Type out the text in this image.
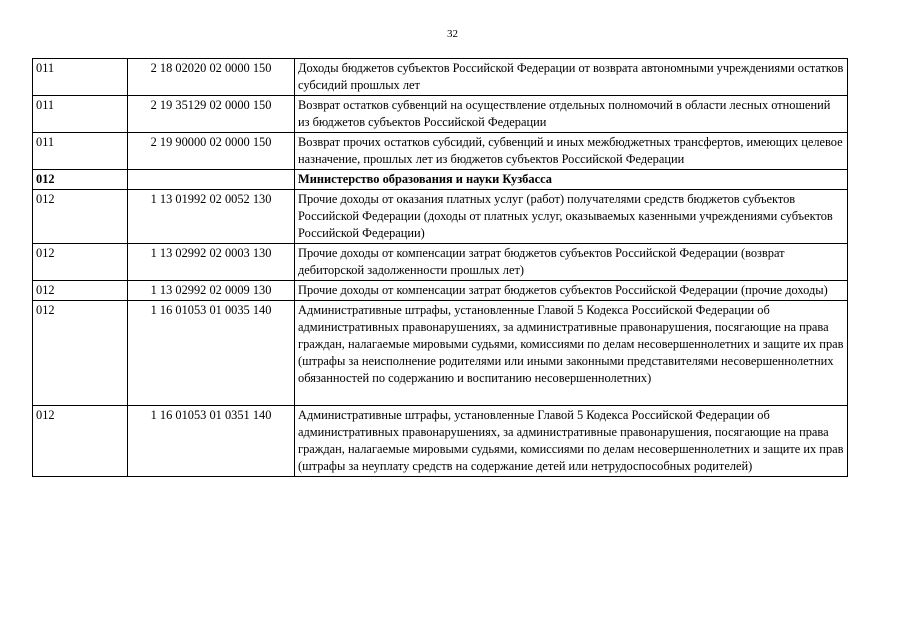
32
011	2 18 02020 02 0000 150	Доходы бюджетов субъектов Российской Федерации от возврата автономными учреждениями остатков субсидий прошлых лет
011	2 19 35129 02 0000 150	Возврат остатков субвенций на осуществление отдельных полномочий в области лесных отношений из бюджетов субъектов Российской Федерации
011	2 19 90000 02 0000 150	Возврат прочих остатков субсидий, субвенций и иных межбюджетных трансфертов, имеющих целевое назначение, прошлых лет из бюджетов субъектов Российской Федерации
012		Министерство образования и науки Кузбасса
012	1 13 01992 02 0052 130	Прочие доходы от оказания платных услуг (работ) получателями средств бюджетов субъектов Российской Федерации (доходы от платных услуг, оказываемых казенными учреждениями субъектов Российской Федерации)
012	1 13 02992 02 0003 130	Прочие доходы от компенсации затрат бюджетов субъектов Российской Федерации (возврат дебиторской задолженности прошлых лет)
012	1 13 02992 02 0009 130	Прочие доходы от компенсации затрат бюджетов субъектов Российской Федерации (прочие доходы)
012	1 16 01053 01 0035 140	Административные штрафы, установленные Главой 5 Кодекса Российской Федерации об административных правонарушениях, за административные правонарушения, посягающие на права граждан, налагаемые мировыми судьями, комиссиями по делам несовершеннолетних и защите их прав (штрафы за неисполнение родителями или иными законными представителями несовершеннолетних обязанностей по содержанию и воспитанию несовершеннолетних)
012	1 16 01053 01 0351 140	Административные штрафы, установленные Главой 5 Кодекса Российской Федерации об административных правонарушениях, за административные правонарушения, посягающие на права граждан, налагаемые мировыми судьями, комиссиями по делам несовершеннолетних и защите их прав (штрафы за неуплату средств на содержание детей или нетрудоспособных родителей)
